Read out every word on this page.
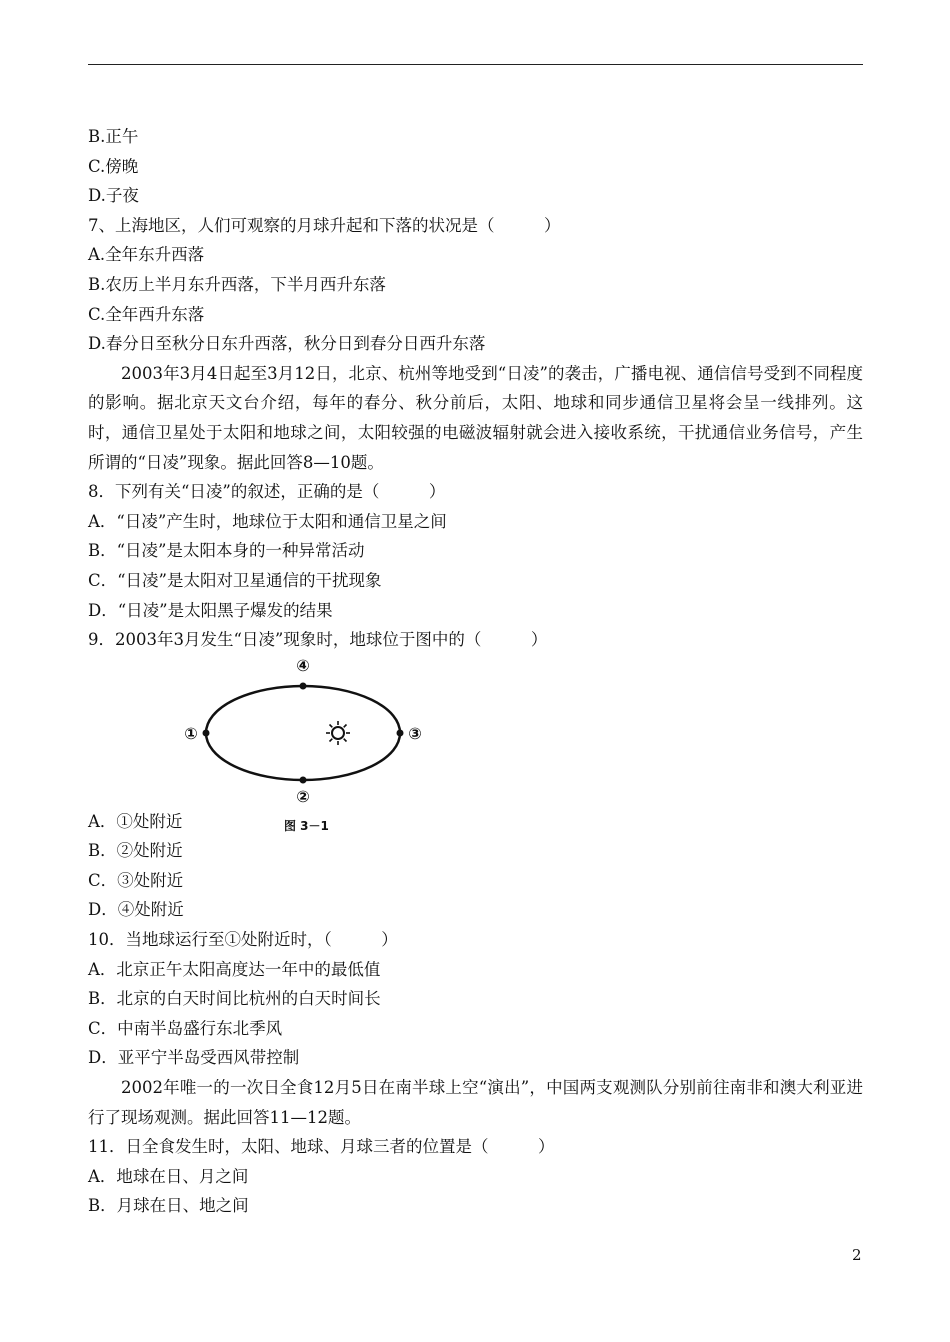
B.正午
C.傍晚
D.子夜
7、上海地区，人们可观察的月球升起和下落的状况是（　　　）
A.全年东升西落
B.农历上半月东升西落，下半月西升东落
C.全年西升东落
D.春分日至秋分日东升西落，秋分日到春分日西升东落
2003年3月4日起至3月12日，北京、杭州等地受到“日凌”的袭击，广播电视、通信信号受到不同程度的影响。据北京天文台介绍，每年的春分、秋分前后，太阳、地球和同步通信卫星将会呈一线排列。这时，通信卫星处于太阳和地球之间，太阳较强的电磁波辐射就会进入接收系统，干扰通信业务信号，产生所谓的“日凌”现象。据此回答8—10题。
8．下列有关“日凌”的叙述，正确的是（　　　）
A．“日凌”产生时，地球位于太阳和通信卫星之间
B．“日凌”是太阳本身的一种异常活动
C．“日凌”是太阳对卫星通信的干扰现象
D．“日凌”是太阳黑子爆发的结果
9．2003年3月发生“日凌”现象时，地球位于图中的（　　　）
①
②
③
④
图 3－1
A．①处附近
B．②处附近
C．③处附近
D．④处附近
10．当地球运行至①处附近时，（　　　）
A．北京正午太阳高度达一年中的最低值
B．北京的白天时间比杭州的白天时间长
C．中南半岛盛行东北季风
D．亚平宁半岛受西风带控制
2002年唯一的一次日全食12月5日在南半球上空“演出”，中国两支观测队分别前往南非和澳大利亚进行了现场观测。据此回答11—12题。
11．日全食发生时，太阳、地球、月球三者的位置是（　　　）
A．地球在日、月之间
B．月球在日、地之间
2
